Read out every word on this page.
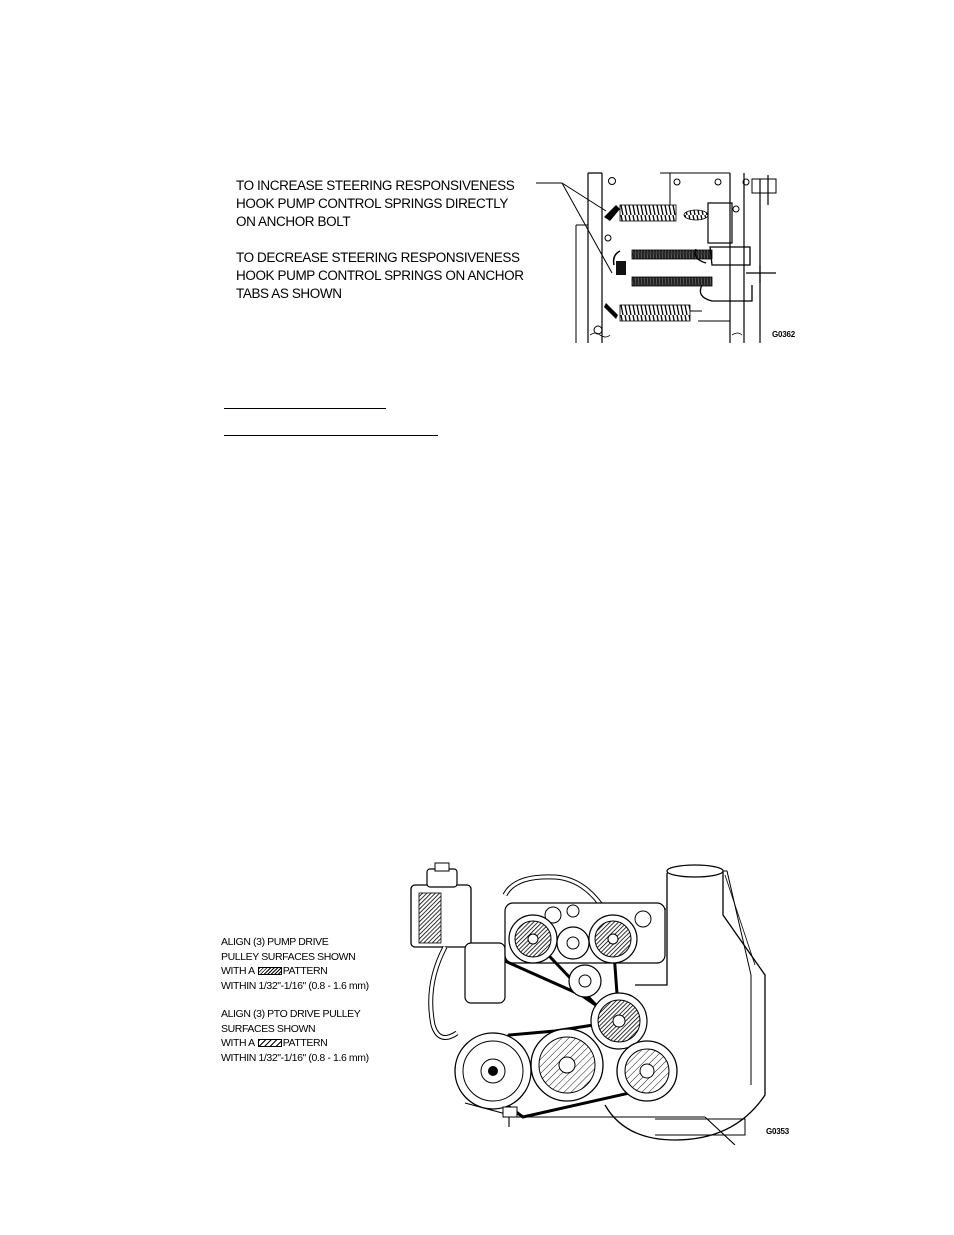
TO INCREASE STEERING RESPONSIVENESS
HOOK PUMP CONTROL SPRINGS DIRECTLY
ON ANCHOR BOLT
TO DECREASE STEERING RESPONSIVENESS
HOOK PUMP CONTROL SPRINGS ON ANCHOR
TABS AS SHOWN
G0362
ALIGN (3) PUMP DRIVE
PULLEY SURFACES SHOWN
WITH A	PATTERN
WITHIN 1/32"-1/16" (0.8 - 1.6 mm)
ALIGN (3) PTO DRIVE PULLEY
SURFACES SHOWN
WITH A	PATTERN
WITHIN 1/32"-1/16" (0.8 - 1.6 mm)
G0353
